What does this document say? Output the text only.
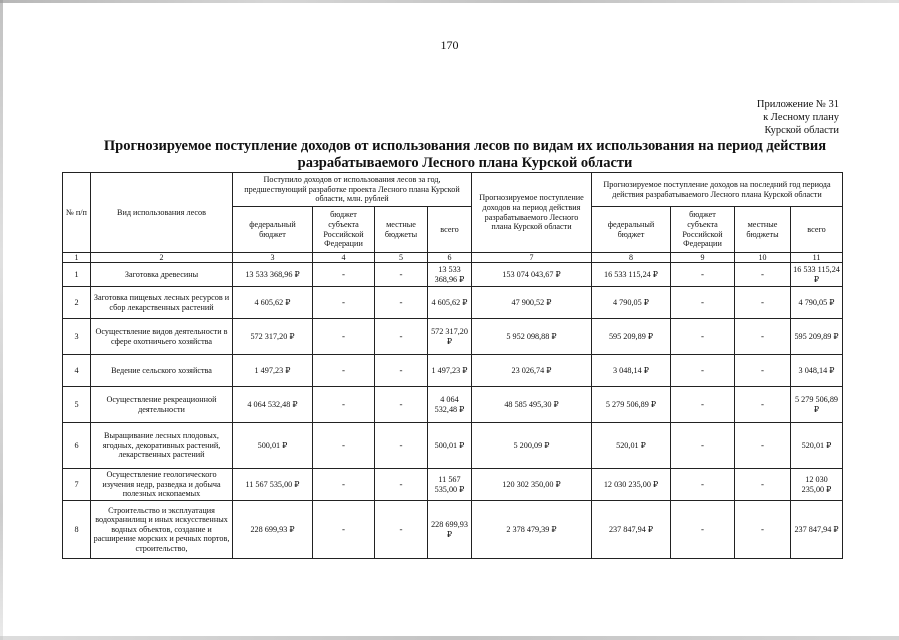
170
Приложение № 31
к Лесному плану
Курской области
Прогнозируемое поступление доходов от использования лесов по видам их использования на период действия разрабатываемого Лесного плана Курской области
№ п/п	Вид использования лесов	Поступило доходов от использования лесов за год, предшествующий разработке проекта Лесного плана Курской области, млн. рублей				Прогнозируемое поступление доходов на период действия разрабатываемого Лесного плана Курской области	Прогнозируемое поступление доходов на последний год периода действия разрабатываемого Лесного плана Курской области			
		федеральный бюджет	бюджет субъекта Российской Федерации	местные бюджеты	всего		федеральный бюджет	бюджет субъекта Российской Федерации	местные бюджеты	всего
1	2	3	4	5	6	7	8	9	10	11
1	Заготовка древесины	13 533 368,96 ₽	-	-	13 533 368,96 ₽	153 074 043,67 ₽	16 533 115,24 ₽	-	-	16 533 115,24 ₽
2	Заготовка пищевых лесных ресурсов и сбор лекарственных растений	4 605,62 ₽	-	-	4 605,62 ₽	47 900,52 ₽	4 790,05 ₽	-	-	4 790,05 ₽
3	Осуществление видов деятельности в сфере охотничьего хозяйства	572 317,20 ₽	-	-	572 317,20 ₽	5 952 098,88 ₽	595 209,89 ₽	-	-	595 209,89 ₽
4	Ведение сельского хозяйства	1 497,23 ₽	-	-	1 497,23 ₽	23 026,74 ₽	3 048,14 ₽	-	-	3 048,14 ₽
5	Осуществление рекреационной деятельности	4 064 532,48 ₽	-	-	4 064 532,48 ₽	48 585 495,30 ₽	5 279 506,89 ₽	-	-	5 279 506,89 ₽
6	Выращивание лесных плодовых, ягодных, декоративных растений, лекарственных растений	500,01 ₽	-	-	500,01 ₽	5 200,09 ₽	520,01 ₽	-	-	520,01 ₽
7	Осуществление геологического изучения недр, разведка и добыча полезных ископаемых	11 567 535,00 ₽	-	-	11 567 535,00 ₽	120 302 350,00 ₽	12 030 235,00 ₽	-	-	12 030 235,00 ₽
8	Строительство и эксплуатация водохранилищ и иных искусственных водных объектов, создание и расширение морских и речных портов, строительство,	228 699,93 ₽	-	-	228 699,93 ₽	2 378 479,39 ₽	237 847,94 ₽	-	-	237 847,94 ₽
